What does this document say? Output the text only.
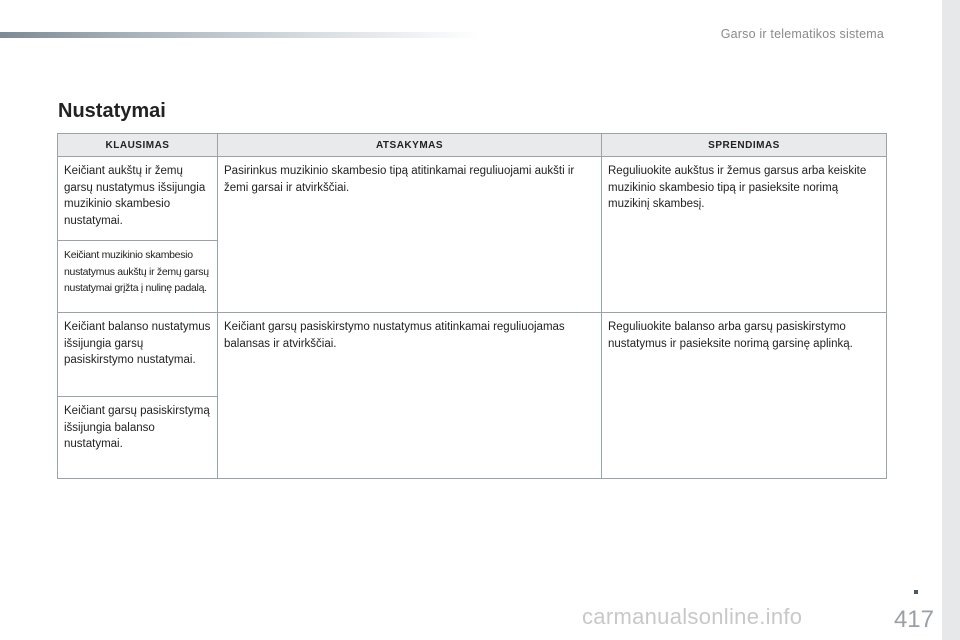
Garso ir telematikos sistema
Nustatymai
KLAUSIMAS	ATSAKYMAS	SPRENDIMAS
Keičiant aukštų ir žemų garsų nustatymus išsijungia muzikinio skambesio nustatymai.	Pasirinkus muzikinio skambesio tipą atitinkamai reguliuojami aukšti ir žemi garsai ir atvirkščiai.	Reguliuokite aukštus ir žemus garsus arba keiskite muzikinio skambesio tipą ir pasieksite norimą muzikinį skambesį.
Keičiant muzikinio skambesio nustatymus aukštų ir žemų garsų nustatymai grįžta į nulinę padalą.		
Keičiant balanso nustatymus išsijungia garsų pasiskirstymo nustatymai.	Keičiant garsų pasiskirstymo nustatymus atitinkamai reguliuojamas balansas ir atvirkščiai.	Reguliuokite balanso arba garsų pasiskirstymo nustatymus ir pasieksite norimą garsinę aplinką.
Keičiant garsų pasiskirstymą išsijungia balanso nustatymai.		
carmanualsonline.info	417
